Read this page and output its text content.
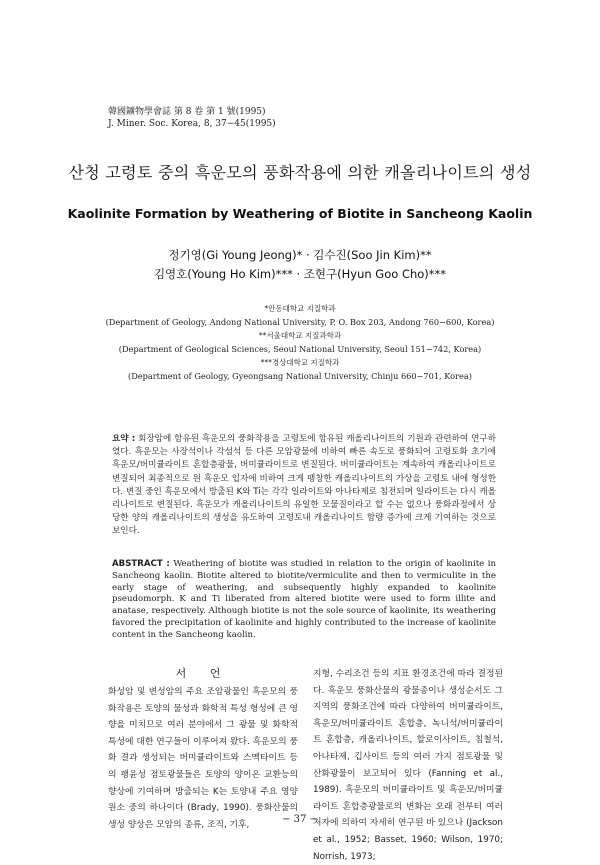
韓國鑛物學會誌 第 8 卷 第 1 號(1995)
J. Miner. Soc. Korea, 8, 37−45(1995)
산청 고령토 중의 흑운모의 풍화작용에 의한 캐올리나이트의 생성
Kaolinite Formation by Weathering of Biotite in Sancheong Kaolin
정기영(Gi Young Jeong)* · 김수진(Soo Jin Kim)**
김영호(Young Ho Kim)*** · 조현구(Hyun Goo Cho)***
*안동대학교 지질학과
(Department of Geology, Andong National University, P. O. Box 203, Andong 760−600, Korea)
**서울대학교 지질과학과
(Department of Geological Sciences, Seoul National University, Seoul 151−742, Korea)
***경상대학교 지질학과
(Department of Geology, Gyeongsang National University, Chinju 660−701, Korea)
요약 : 회장암에 함유된 흑운모의 풍화작용을 고령토에 함유된 캐올리나이트의 기원과 관련하여 연구하였다. 흑운모는 사장석이나 각섬석 등 다른 모암광물에 비하여 빠른 속도로 풍화되어 고령토화 초기에 흑운모/버미큘라이트 혼합층광물, 버미큘라이트로 변질된다. 버미큘라이트는 계속하여 캐올리나이트로 변질되어 최종적으로 원 흑운모 입자에 비하여 크게 팽창한 캐올리나이트의 가상을 고령토 내에 형성한다. 변질 중인 흑운모에서 방출된 K와 Ti는 각각 일라이트와 아나타제로 침전되며 일라이트는 다시 캐올리나이트로 변질된다. 흑운모가 캐올리나이트의 유일한 모물질이라고 할 수는 없으나 풍화과정에서 상당한 양의 캐올리나이트의 생성을 유도하여 고령토내 캐올리나이트 함량 증가에 크게 기여하는 것으로 보인다.
ABSTRACT : Weathering of biotite was studied in relation to the origin of kaolinite in Sancheong kaolin. Biotite altered to biotite/vermiculite and then to vermiculite in the early stage of weathering, and subsequently highly expanded to kaolinite pseudomorph. K and Ti liberated from altered biotite were used to form illite and anatase, respectively. Although biotite is not the sole source of kaolinite, its weathering favored the precipitation of kaolinite and highly contributed to the increase of kaolinite content in the Sancheong kaolin.
서 언
화성암 및 변성암의 주요 조암광물인 흑운모의 풍화작용은 토양의 물성과 화학적 특성 형성에 큰 영향을 미치므로 여러 분야에서 그 광물 및 화학적 특성에 대한 연구들이 이루어져 왔다. 흑운모의 풍화 결과 생성되는 버미큘라이트와 스멕타이트 등의 팽윤성 점토광물들은 토양의 양이온 교환능의 향상에 기여하며 방출되는 K는 토양내 주요 영양원소 중의 하나이다 (Brady, 1990). 풍화산물의 생성 양상은 모암의 종류, 조직, 기후,
지형, 수리조건 등의 지표 환경조건에 따라 결정된다. 흑운모 풍화산물의 광물종이나 생성순서도 그 지역의 풍화조건에 따라 다양하여 버미큘라이트, 흑운모/버미큘라이트 혼합층, 녹니석/버미큘라이트 혼합층, 캐올리나이트, 할로이사이트, 침철석, 아나타제, 깁사이트 등의 여러 가지 점토광물 및 산화광물이 보고되어 있다 (Fanning et al., 1989). 흑운모의 버미큘라이트 및 흑운모/버미큘라이트 혼합층광물로의 변화는 오래 전부터 여러 저자에 의하여 자세히 연구된 바 있으나 (Jackson et al., 1952; Basset, 1960; Wilson, 1970; Norrish, 1973;
− 37 −
